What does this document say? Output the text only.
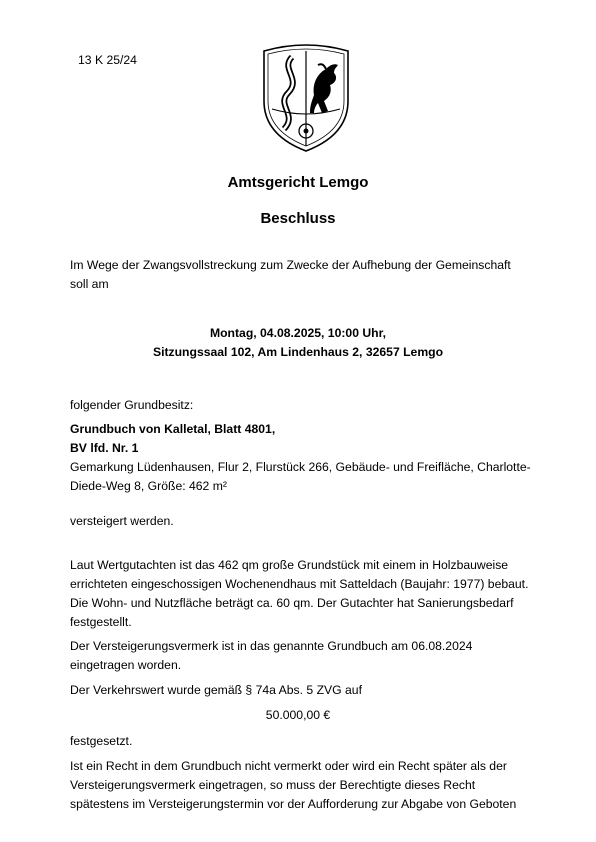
13 K 25/24
Amtsgericht Lemgo
Beschluss
Im Wege der Zwangsvollstreckung zum Zwecke der Aufhebung der Gemeinschaft
soll am
Montag, 04.08.2025, 10:00 Uhr,
Sitzungssaal 102, Am Lindenhaus 2, 32657 Lemgo
folgender Grundbesitz:
Grundbuch von Kalletal, Blatt 4801,
BV lfd. Nr. 1
Gemarkung Lüdenhausen, Flur 2, Flurstück 266, Gebäude- und Freifläche, Charlotte-
Diede-Weg 8, Größe: 462 m²
versteigert werden.
Laut Wertgutachten ist das 462 qm große Grundstück mit einem in Holzbauweise
errichteten eingeschossigen Wochenendhaus mit Satteldach (Baujahr: 1977) bebaut.
Die Wohn- und Nutzfläche beträgt ca. 60 qm. Der Gutachter hat Sanierungsbedarf
festgestellt.
Der Versteigerungsvermerk ist in das genannte Grundbuch am 06.08.2024
eingetragen worden.
Der Verkehrswert wurde gemäß § 74a Abs. 5 ZVG auf
50.000,00 €
festgesetzt.
Ist ein Recht in dem Grundbuch nicht vermerkt oder wird ein Recht später als der
Versteigerungsvermerk eingetragen, so muss der Berechtigte dieses Recht
spätestens im Versteigerungstermin vor der Aufforderung zur Abgabe von Geboten
